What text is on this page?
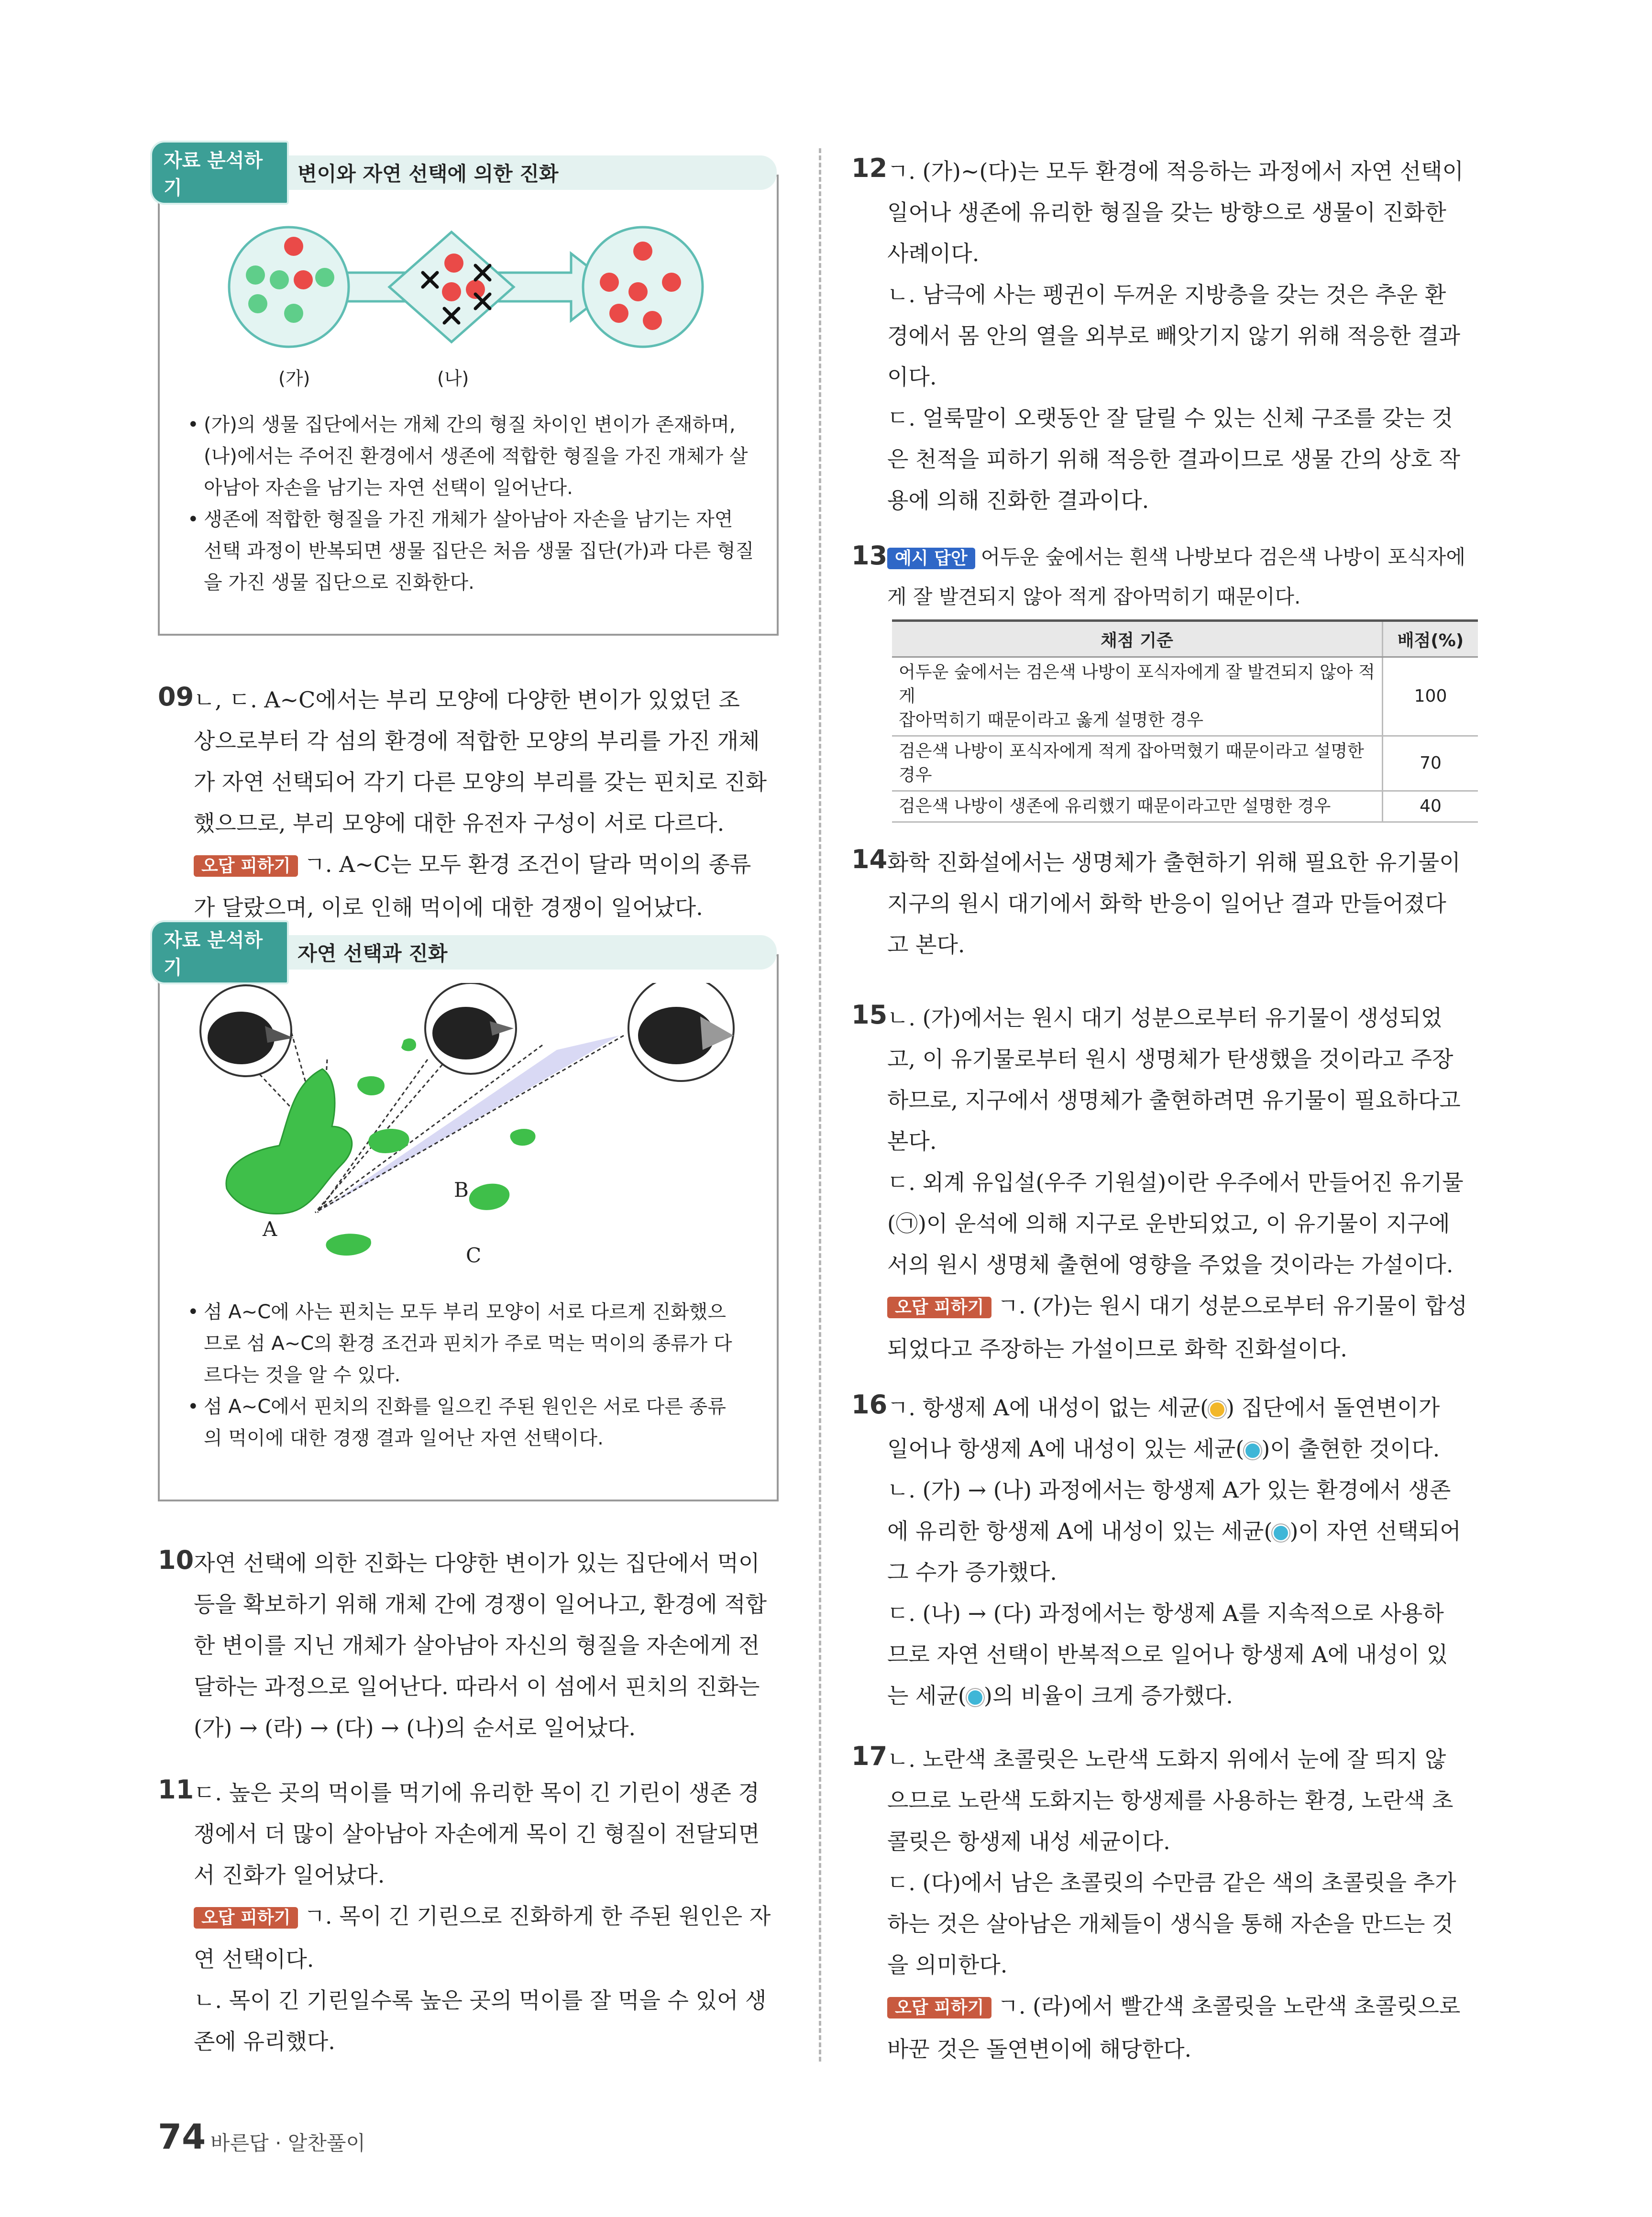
자료 분석하기
변이와 자연 선택에 의한 진화
(가)	(나)
• (가)의 생물 집단에서는 개체 간의 형질 차이인 변이가 존재하며,
(나)에서는 주어진 환경에서 생존에 적합한 형질을 가진 개체가 살
아남아 자손을 남기는 자연 선택이 일어난다.
• 생존에 적합한 형질을 가진 개체가 살아남아 자손을 남기는 자연
선택 과정이 반복되면 생물 집단은 처음 생물 집단(가)과 다른 형질
을 가진 생물 집단으로 진화한다.
09 ㄴ, ㄷ. A~C에서는 부리 모양에 다양한 변이가 있었던 조

상으로부터 각 섬의 환경에 적합한 모양의 부리를 가진 개체

가 자연 선택되어 각기 다른 모양의 부리를 갖는 핀치로 진화

했으므로, 부리 모양에 대한 유전자 구성이 서로 다르다.

오답 피하기 ㄱ. A~C는 모두 환경 조건이 달라 먹이의 종류

가 달랐으며, 이로 인해 먹이에 대한 경쟁이 일어났다.

자료 분석하기
자연 선택과 진화
A
B
C
• 섬 A~C에 사는 핀치는 모두 부리 모양이 서로 다르게 진화했으
므로 섬 A~C의 환경 조건과 핀치가 주로 먹는 먹이의 종류가 다
르다는 것을 알 수 있다.
• 섬 A~C에서 핀치의 진화를 일으킨 주된 원인은 서로 다른 종류
의 먹이에 대한 경쟁 결과 일어난 자연 선택이다.
10 자연 선택에 의한 진화는 다양한 변이가 있는 집단에서 먹이

등을 확보하기 위해 개체 간에 경쟁이 일어나고, 환경에 적합

한 변이를 지닌 개체가 살아남아 자신의 형질을 자손에게 전

달하는 과정으로 일어난다. 따라서 이 섬에서 핀치의 진화는

(가) → (라) → (다) → (나)의 순서로 일어났다.

11 ㄷ. 높은 곳의 먹이를 먹기에 유리한 목이 긴 기린이 생존 경

쟁에서 더 많이 살아남아 자손에게 목이 긴 형질이 전달되면

서 진화가 일어났다.

오답 피하기 ㄱ. 목이 긴 기린으로 진화하게 한 주된 원인은 자

연 선택이다.

ㄴ. 목이 긴 기린일수록 높은 곳의 먹이를 잘 먹을 수 있어 생

존에 유리했다.

12 ㄱ. (가)~(다)는 모두 환경에 적응하는 과정에서 자연 선택이

일어나 생존에 유리한 형질을 갖는 방향으로 생물이 진화한

사례이다.

ㄴ. 남극에 사는 펭귄이 두꺼운 지방층을 갖는 것은 추운 환

경에서 몸 안의 열을 외부로 빼앗기지 않기 위해 적응한 결과

이다.

ㄷ. 얼룩말이 오랫동안 잘 달릴 수 있는 신체 구조를 갖는 것

은 천적을 피하기 위해 적응한 결과이므로 생물 간의 상호 작

용에 의해 진화한 결과이다.

13 예시 답안 어두운 숲에서는 흰색 나방보다 검은색 나방이 포식자에
게 잘 발견되지 않아 적게 잡아먹히기 때문이다.
채점 기준	배점(%)
어두운 숲에서는 검은색 나방이 포식자에게 잘 발견되지 않아 적게
잡아먹히기 때문이라고 옳게 설명한 경우	100
검은색 나방이 포식자에게 적게 잡아먹혔기 때문이라고 설명한 경우	70
검은색 나방이 생존에 유리했기 때문이라고만 설명한 경우	40
14 화학 진화설에서는 생명체가 출현하기 위해 필요한 유기물이

지구의 원시 대기에서 화학 반응이 일어난 결과 만들어졌다

고 본다.

15 ㄴ. (가)에서는 원시 대기 성분으로부터 유기물이 생성되었

고, 이 유기물로부터 원시 생명체가 탄생했을 것이라고 주장

하므로, 지구에서 생명체가 출현하려면 유기물이 필요하다고

본다.

ㄷ. 외계 유입설(우주 기원설)이란 우주에서 만들어진 유기물

(㉠)이 운석에 의해 지구로 운반되었고, 이 유기물이 지구에

서의 원시 생명체 출현에 영향을 주었을 것이라는 가설이다.

오답 피하기 ㄱ. (가)는 원시 대기 성분으로부터 유기물이 합성

되었다고 주장하는 가설이므로 화학 진화설이다.

16 ㄱ. 항생제 A에 내성이 없는 세균( ) 집단에서 돌연변이가

일어나 항생제 A에 내성이 있는 세균( )이 출현한 것이다.

ㄴ. (가) → (나) 과정에서는 항생제 A가 있는 환경에서 생존

에 유리한 항생제 A에 내성이 있는 세균( )이 자연 선택되어

그 수가 증가했다.

ㄷ. (나) → (다) 과정에서는 항생제 A를 지속적으로 사용하

므로 자연 선택이 반복적으로 일어나 항생제 A에 내성이 있

는 세균( )의 비율이 크게 증가했다.

17 ㄴ. 노란색 초콜릿은 노란색 도화지 위에서 눈에 잘 띄지 않

으므로 노란색 도화지는 항생제를 사용하는 환경, 노란색 초

콜릿은 항생제 내성 세균이다.

ㄷ. (다)에서 남은 초콜릿의 수만큼 같은 색의 초콜릿을 추가

하는 것은 살아남은 개체들이 생식을 통해 자손을 만드는 것

을 의미한다.

오답 피하기 ㄱ. (라)에서 빨간색 초콜릿을 노란색 초콜릿으로

바꾼 것은 돌연변이에 해당한다.

74 바른답 · 알찬풀이
